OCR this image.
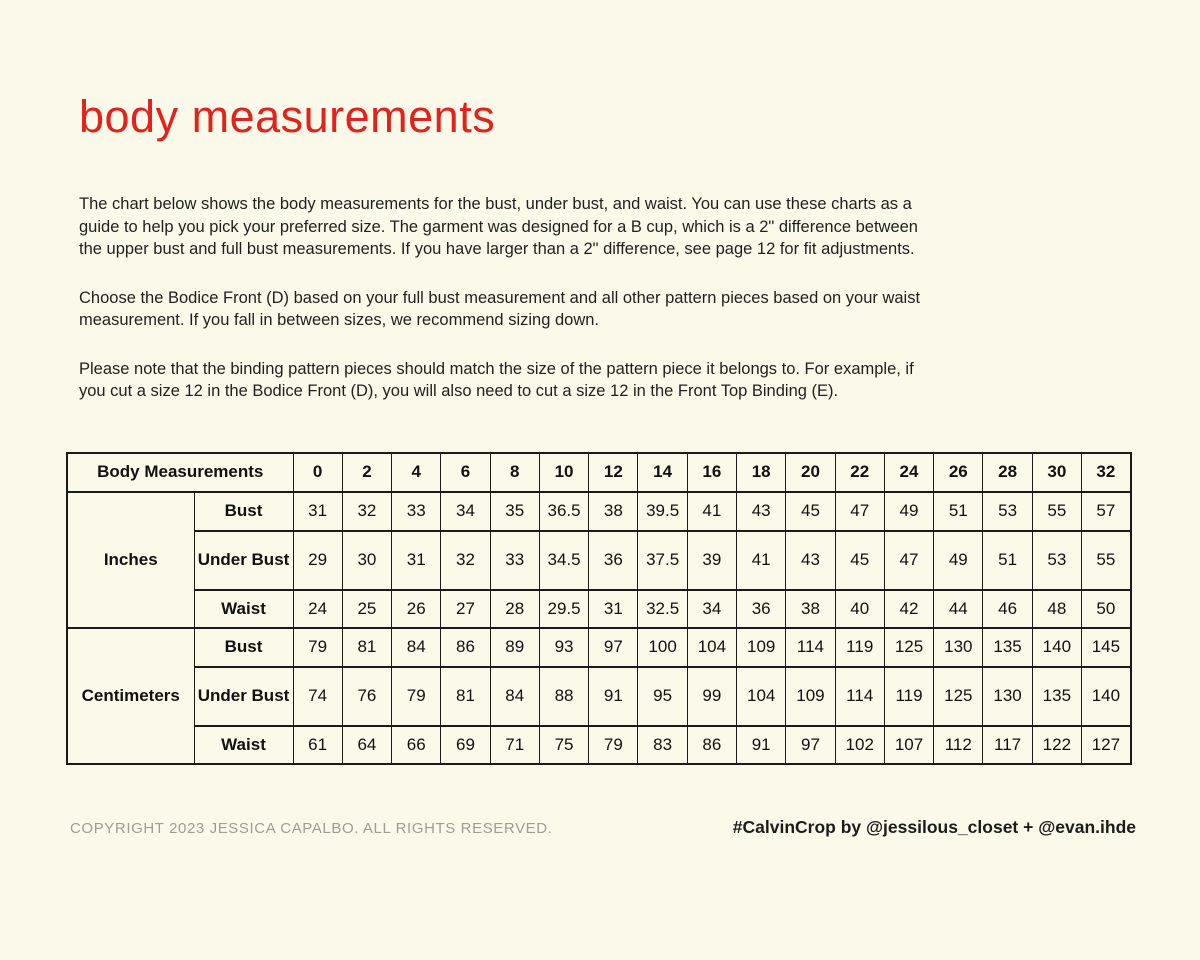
body measurements

The chart below shows the body measurements for the bust, under bust, and waist. You can use these charts as a guide to help you pick your preferred size. The garment was designed for a B cup, which is a 2" difference between the upper bust and full bust measurements. If you have larger than a 2" difference, see page 12 for fit adjustments.

Choose the Bodice Front (D) based on your full bust measurement and all other pattern pieces based on your waist measurement. If you fall in between sizes, we recommend sizing down.

Please note that the binding pattern pieces should match the size of the pattern piece it belongs to. For example, if you cut a size 12 in the Bodice Front (D), you will also need to cut a size 12 in the Front Top Binding (E).

Body Measurements		0	2	4	6	8	10	12	14	16	18	20	22	24	26	28	30	32
Inches	Bust	31	32	33	34	35	36.5	38	39.5	41	43	45	47	49	51	53	55	57
	Under Bust	29	30	31	32	33	34.5	36	37.5	39	41	43	45	47	49	51	53	55
	Waist	24	25	26	27	28	29.5	31	32.5	34	36	38	40	42	44	46	48	50
Centimeters	Bust	79	81	84	86	89	93	97	100	104	109	114	119	125	130	135	140	145
	Under Bust	74	76	79	81	84	88	91	95	99	104	109	114	119	125	130	135	140
	Waist	61	64	66	69	71	75	79	83	86	91	97	102	107	112	117	122	127
COPYRIGHT 2023 JESSICA CAPALBO. ALL RIGHTS RESERVED.	#CalvinCrop by @jessilous_closet + @evan.ihde
